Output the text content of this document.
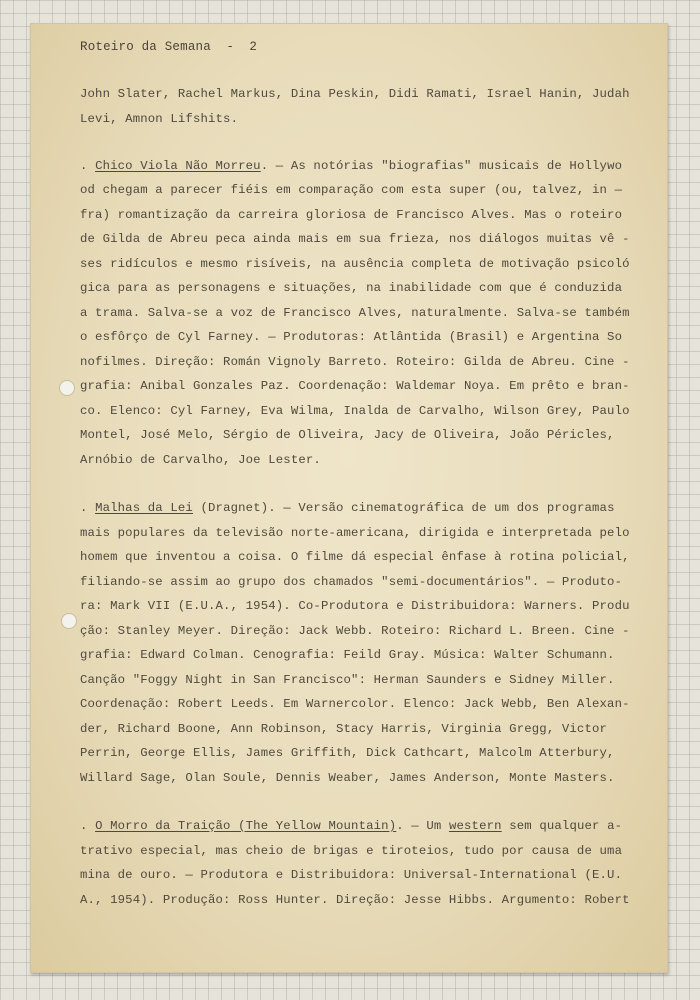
Roteiro da Semana  -  2
John Slater, Rachel Markus, Dina Peskin, Didi Ramati, Israel Hanin, Judah
Levi, Amnon Lifshits.
. Chico Viola Não Morreu. — As notórias "biografias" musicais de Hollywo
od chegam a parecer fiéis em comparação com esta super (ou, talvez, in —
fra) romantização da carreira gloriosa de Francisco Alves. Mas o roteiro
de Gilda de Abreu peca ainda mais em sua frieza, nos diálogos muitas vê -
ses ridículos e mesmo risíveis, na ausência completa de motivação psicoló
gica para as personagens e situações, na inabilidade com que é conduzida
a trama. Salva-se a voz de Francisco Alves, naturalmente. Salva-se também
o esfôrço de Cyl Farney. — Produtoras: Atlântida (Brasil) e Argentina So
nofilmes. Direção: Román Vignoly Barreto. Roteiro: Gilda de Abreu. Cine -
grafia: Anibal Gonzales Paz. Coordenação: Waldemar Noya. Em prêto e bran-
co. Elenco: Cyl Farney, Eva Wilma, Inalda de Carvalho, Wilson Grey, Paulo
Montel, José Melo, Sérgio de Oliveira, Jacy de Oliveira, João Péricles,
Arnóbio de Carvalho, Joe Lester.
. Malhas da Lei (Dragnet). — Versão cinematográfica de um dos programas
mais populares da televisão norte-americana, dirigida e interpretada pelo
homem que inventou a coisa. O filme dá especial ênfase à rotina policial,
filiando-se assim ao grupo dos chamados "semi-documentários". — Produto-
ra: Mark VII (E.U.A., 1954). Co-Produtora e Distribuidora: Warners. Produ
ção: Stanley Meyer. Direção: Jack Webb. Roteiro: Richard L. Breen. Cine -
grafia: Edward Colman. Cenografia: Feild Gray. Música: Walter Schumann.
Canção "Foggy Night in San Francisco": Herman Saunders e Sidney Miller.
Coordenação: Robert Leeds. Em Warnercolor. Elenco: Jack Webb, Ben Alexan-
der, Richard Boone, Ann Robinson, Stacy Harris, Virginia Gregg, Victor
Perrin, George Ellis, James Griffith, Dick Cathcart, Malcolm Atterbury,
Willard Sage, Olan Soule, Dennis Weaber, James Anderson, Monte Masters.
. O Morro da Traição (The Yellow Mountain). — Um western sem qualquer a-
trativo especial, mas cheio de brigas e tiroteios, tudo por causa de uma
mina de ouro. — Produtora e Distribuidora: Universal-International (E.U.
A., 1954). Produção: Ross Hunter. Direção: Jesse Hibbs. Argumento: Robert
